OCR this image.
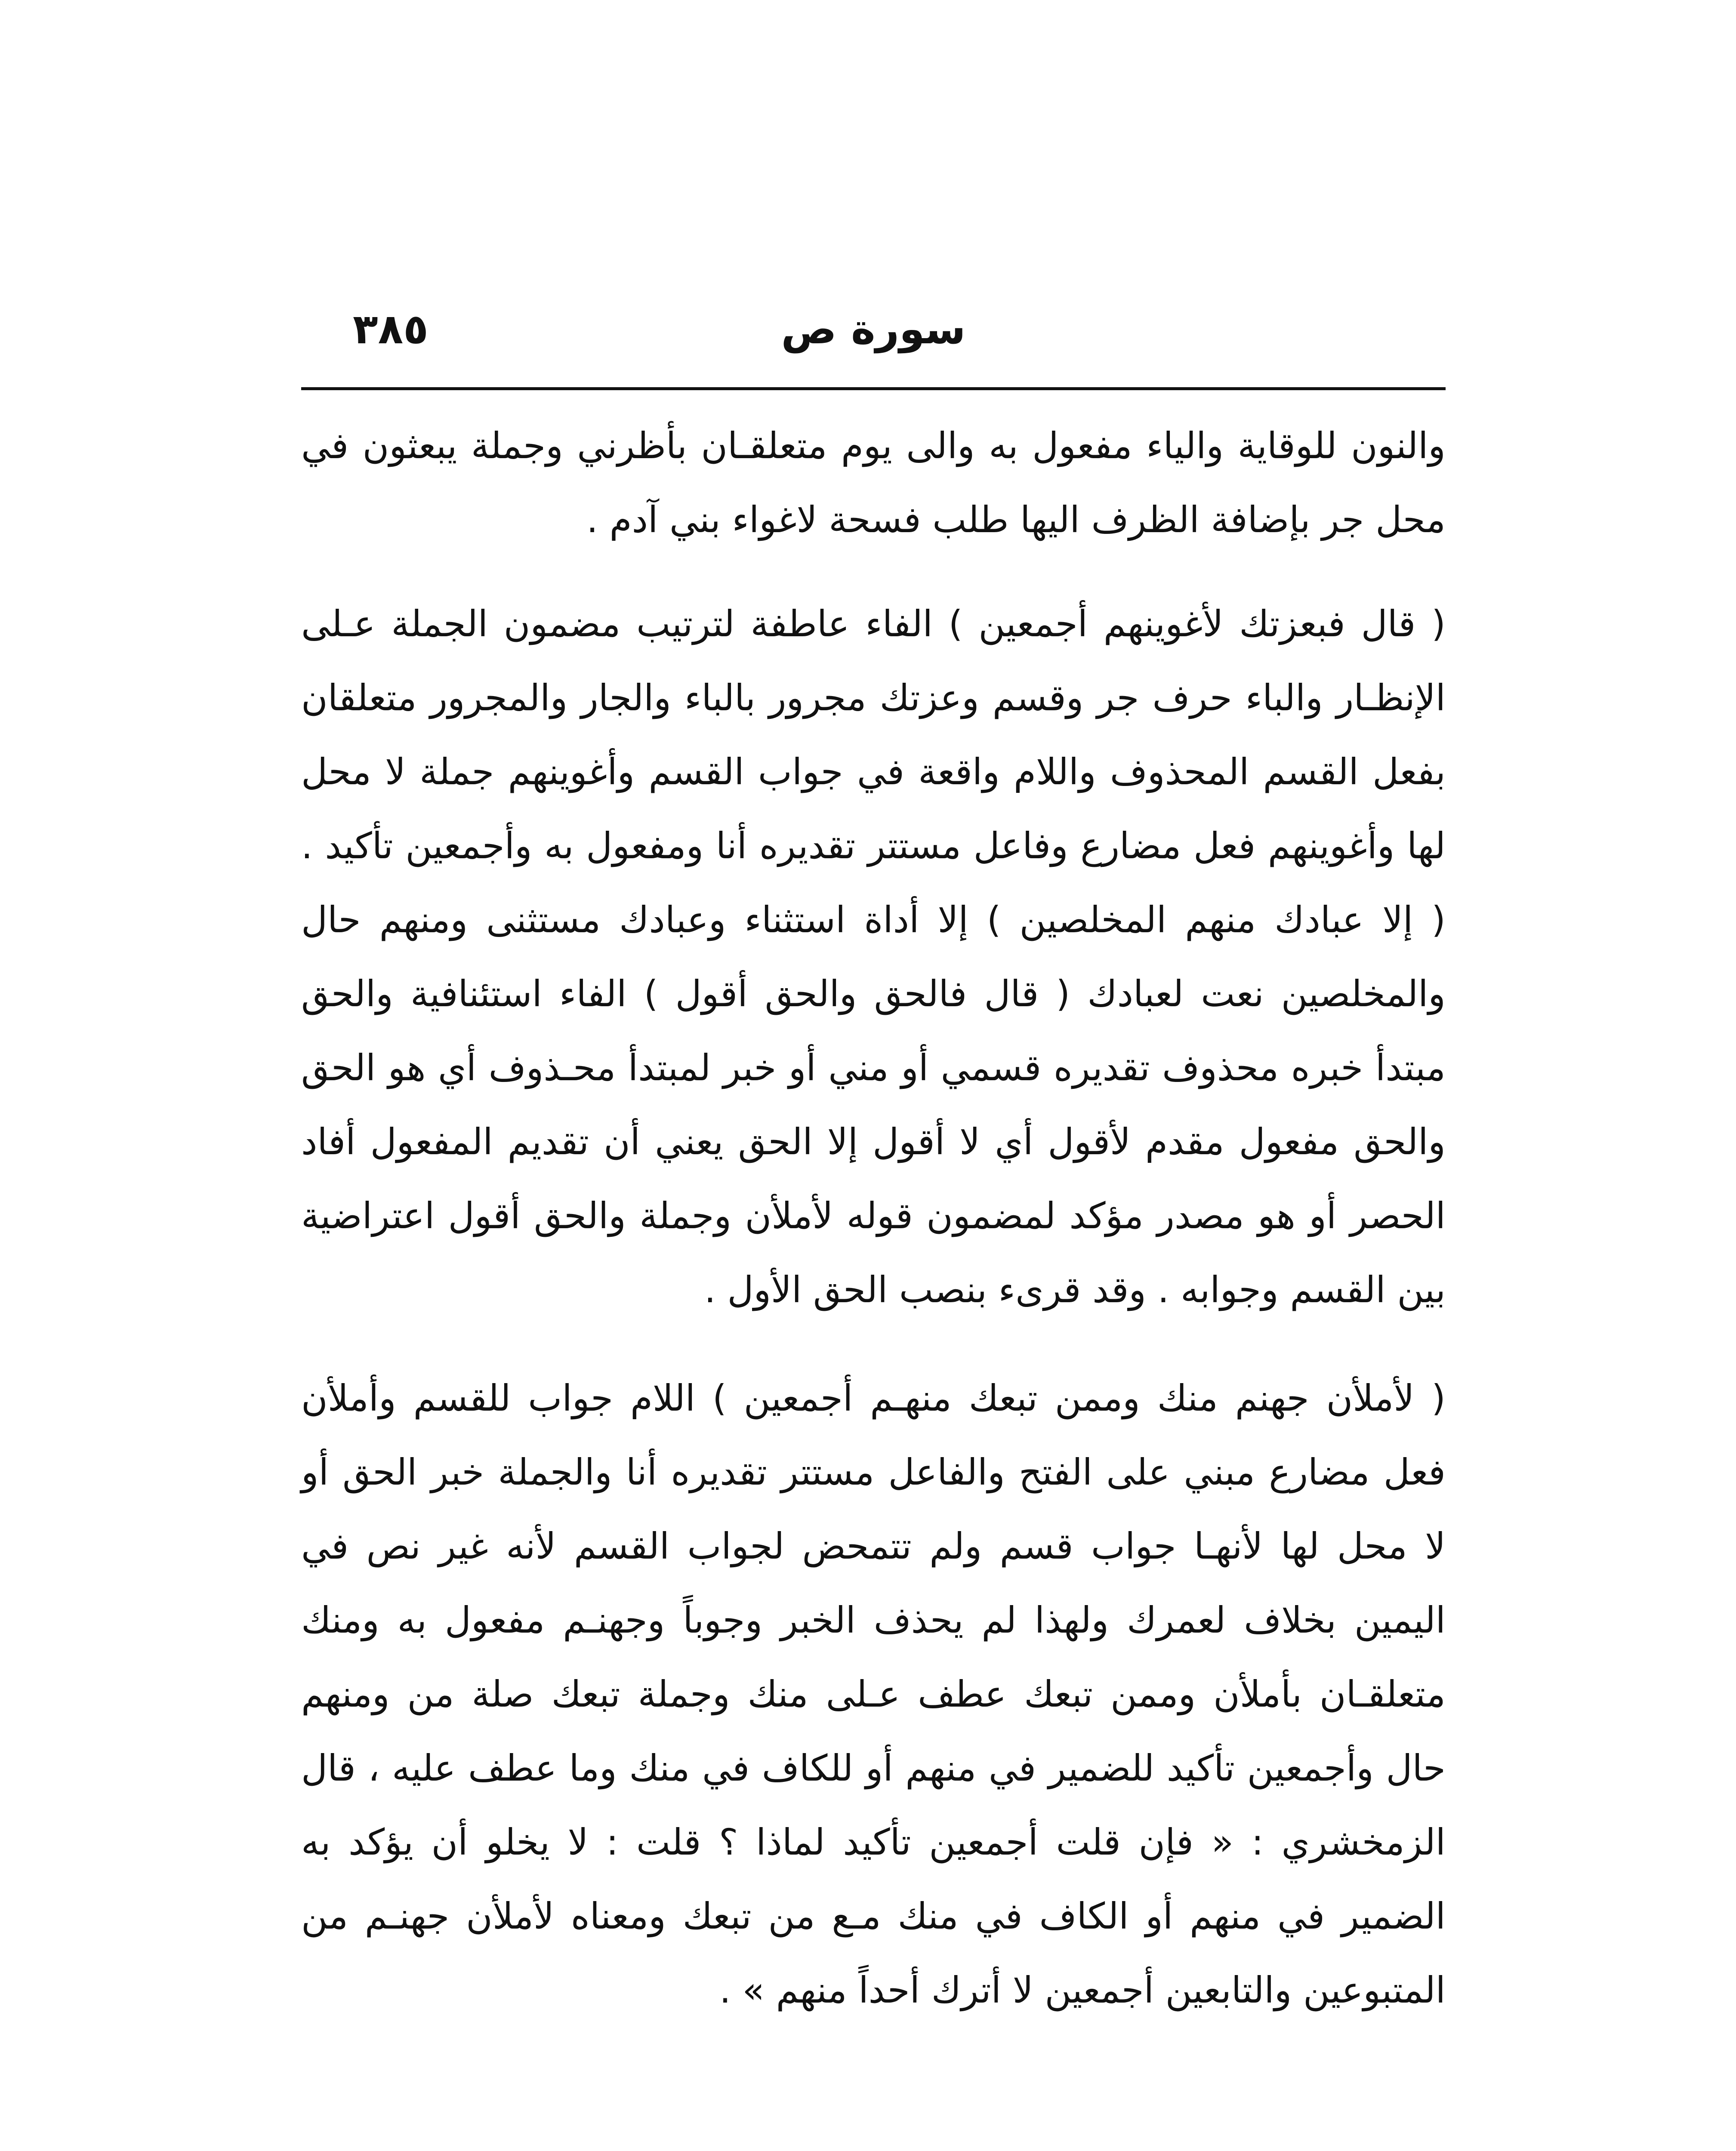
سورة ص
٣٨٥

والنون للوقاية والياء مفعول به والى يوم متعلقـان بأظرني وجملة يبعثون في محل جر بإضافة الظرف اليها طلب فسحة لاغواء بني آدم .

( قال فبعزتك لأغوينهم أجمعين ) الفاء عاطفة لترتيب مضمون الجملة عـلى الإنظـار والباء حرف جر وقسم وعزتك مجرور بالباء والجار والمجرور متعلقان بفعل القسم المحذوف واللام واقعة في جواب القسم وأغوينهم جملة لا محل لها وأغوينهم فعل مضارع وفاعل مستتر تقديره أنا ومفعول به وأجمعين تأكيد . ( إلا عبادك منهم المخلصين ) إلا أداة استثناء وعبادك مستثنى ومنهم حال والمخلصين نعت لعبادك ( قال فالحق والحق أقول ) الفاء استئنافية والحق مبتدأ خبره محذوف تقديره قسمي أو مني أو خبر لمبتدأ محـذوف أي هو الحق والحق مفعول مقدم لأقول أي لا أقول إلا الحق يعني أن تقديم المفعول أفاد الحصر أو هو مصدر مؤكد لمضمون قوله لأملأن وجملة والحق أقول اعتراضية بين القسم وجوابه . وقد قرىء بنصب الحق الأول .

( لأملأن جهنم منك وممن تبعك منهـم أجمعين ) اللام جواب للقسم وأملأن فعل مضارع مبني على الفتح والفاعل مستتر تقديره أنا والجملة خبر الحق أو لا محل لها لأنهـا جواب قسم ولم تتمحض لجواب القسم لأنه غير نص في اليمين بخلاف لعمرك ولهذا لم يحذف الخبر وجوباً وجهنـم مفعول به ومنك متعلقـان بأملأن وممن تبعك عطف عـلى منك وجملة تبعك صلة من ومنهم حال وأجمعين تأكيد للضمير في منهم أو للكاف في منك وما عطف عليه ، قال الزمخشري : « فإن قلت أجمعين تأكيد لماذا ؟ قلت : لا يخلو أن يؤكد به الضمير في منهم أو الكاف في منك مـع من تبعك ومعناه لأملأن جهنـم من المتبوعين والتابعين أجمعين لا أترك أحداً منهم » .
